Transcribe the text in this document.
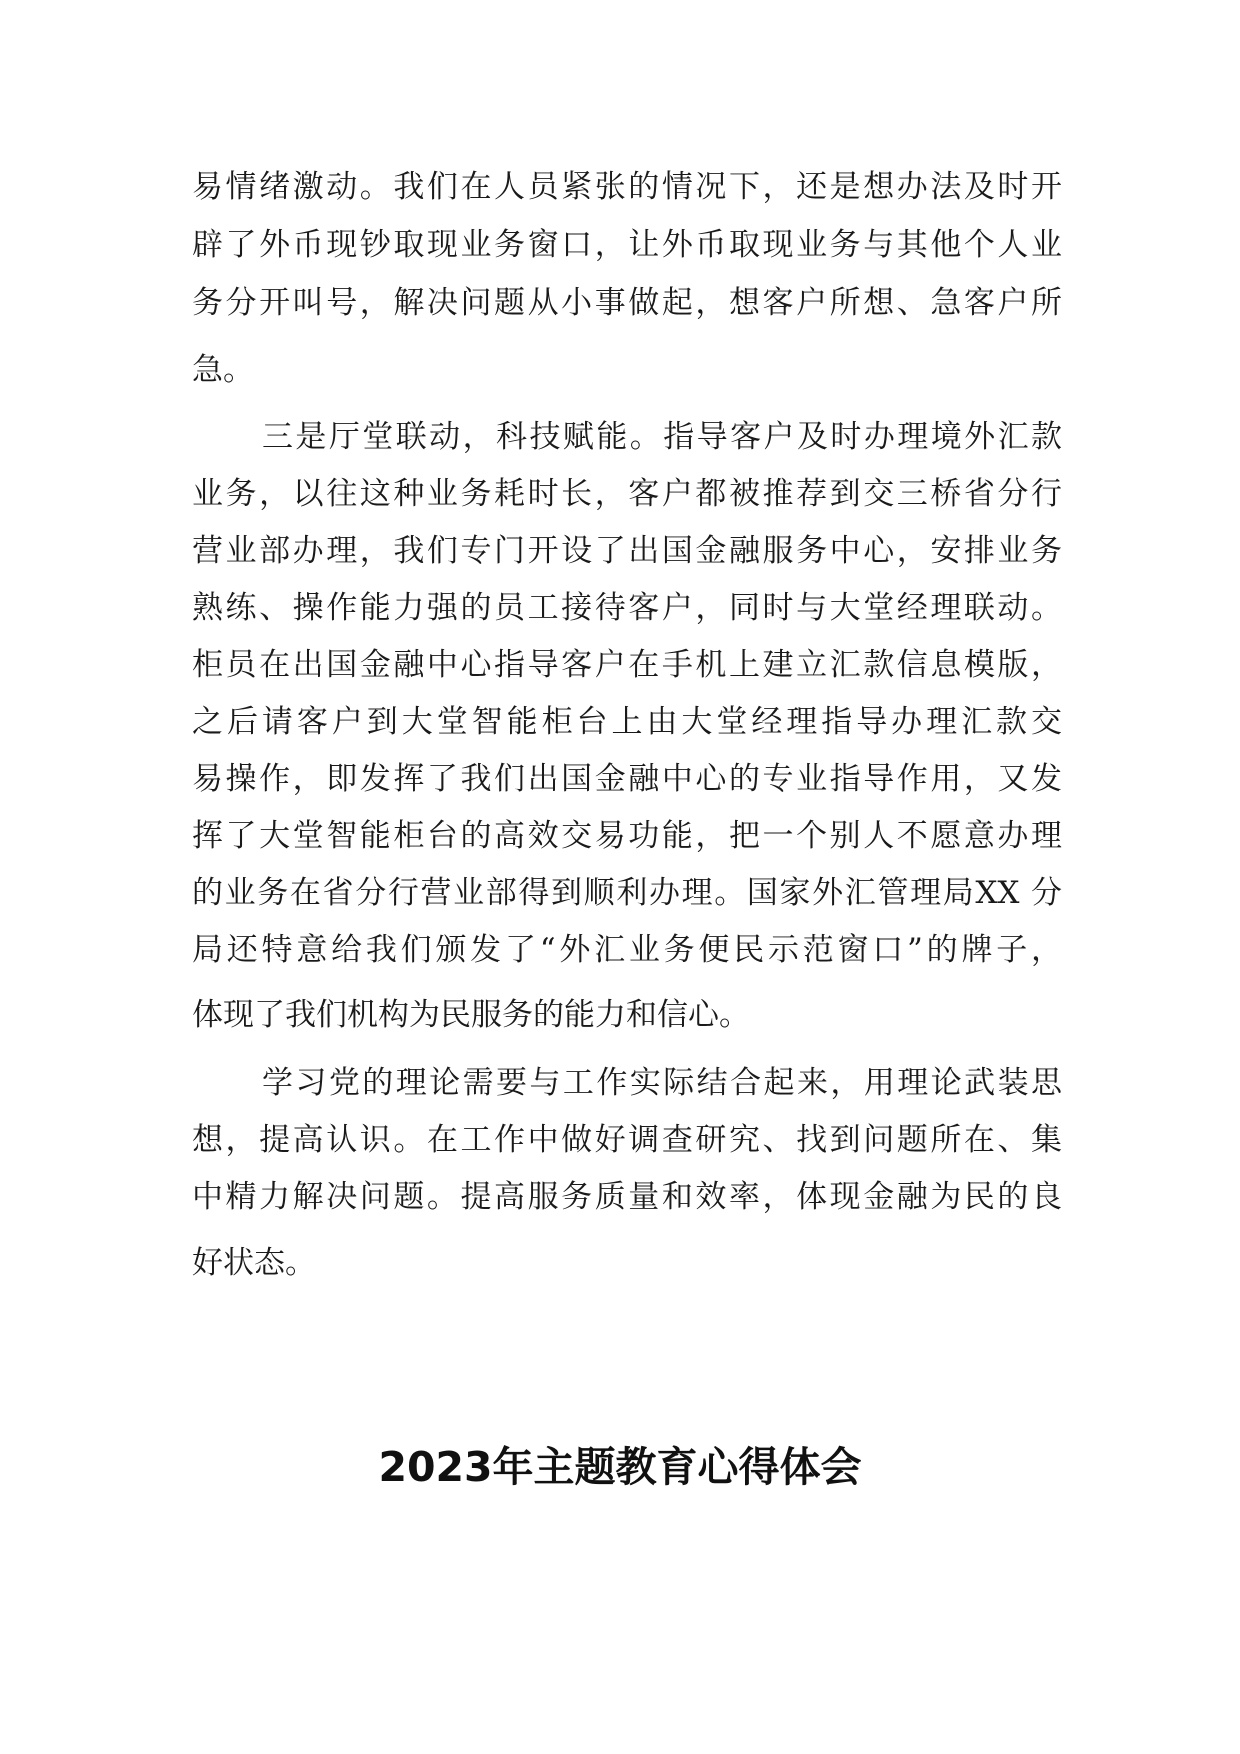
易情绪激动。我们在人员紧张的情况下，还是想办法及时开
辟了外币现钞取现业务窗口，让外币取现业务与其他个人业
务分开叫号，解决问题从小事做起，想客户所想、急客户所
急。
三是厅堂联动，科技赋能。指导客户及时办理境外汇款
业务，以往这种业务耗时长，客户都被推荐到交三桥省分行
营业部办理，我们专门开设了出国金融服务中心，安排业务
熟练、操作能力强的员工接待客户，同时与大堂经理联动。
柜员在出国金融中心指导客户在手机上建立汇款信息模版，
之后请客户到大堂智能柜台上由大堂经理指导办理汇款交
易操作，即发挥了我们出国金融中心的专业指导作用，又发
挥了大堂智能柜台的高效交易功能，把一个别人不愿意办理
的业务在省分行营业部得到顺利办理。国家外汇管理局XX 分
局还特意给我们颁发了“外汇业务便民示范窗口”的牌子，
体现了我们机构为民服务的能力和信心。
学习党的理论需要与工作实际结合起来，用理论武装思
想，提高认识。在工作中做好调查研究、找到问题所在、集
中精力解决问题。提高服务质量和效率，体现金融为民的良
好状态。
2023年主题教育心得体会
